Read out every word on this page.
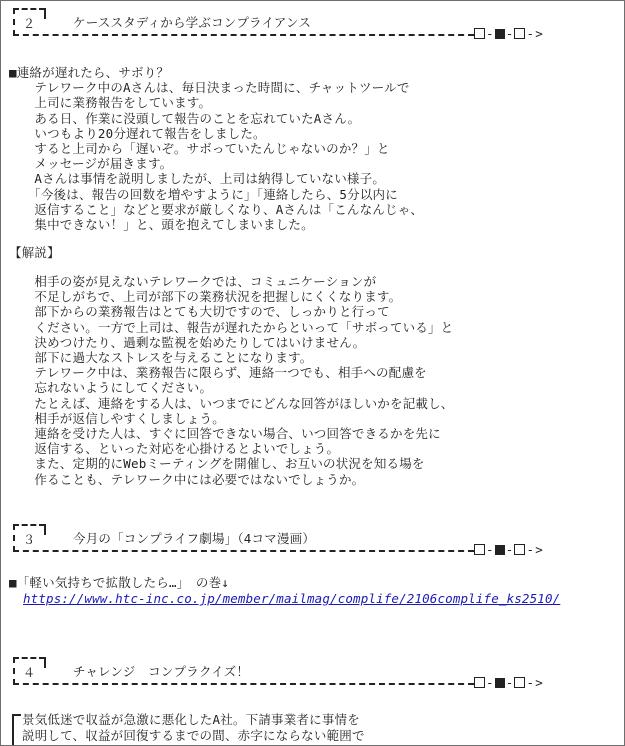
２	ケーススタディから学ぶコンプライアンス
- - ->
■連絡が遅れたら、サボり？
　　テレワーク中のAさんは、毎日決まった時間に、チャットツールで
　　上司に業務報告をしています。
　　ある日、作業に没頭して報告のことを忘れていたAさん。
　　いつもより20分遅れて報告をしました。
　　すると上司から「遅いぞ。サボっていたんじゃないのか？」と
　　メッセージが届きます。
　　Aさんは事情を説明しましたが、上司は納得していない様子。
　　「今後は、報告の回数を増やすように」「連絡したら、5分以内に
　　返信すること」などと要求が厳しくなり、Aさんは「こんなんじゃ、
　　集中できない！」と、頭を抱えてしまいました。
【解説】
　　相手の姿が見えないテレワークでは、コミュニケーションが
　　不足しがちで、上司が部下の業務状況を把握しにくくなります。
　　部下からの業務報告はとても大切ですので、しっかりと行って
　　ください。一方で上司は、報告が遅れたからといって「サボっている」と
　　決めつけたり、過剰な監視を始めたりしてはいけません。
　　部下に過大なストレスを与えることになります。
　　テレワーク中は、業務報告に限らず、連絡一つでも、相手への配慮を
　　忘れないようにしてください。
　　たとえば、連絡をする人は、いつまでにどんな回答がほしいかを記載し、
　　相手が返信しやすくしましょう。
　　連絡を受けた人は、すぐに回答できない場合、いつ回答できるかを先に
　　返信する、といった対応を心掛けるとよいでしょう。
　　また、定期的にWebミーティングを開催し、お互いの状況を知る場を
　　作ることも、テレワーク中には必要ではないでしょうか。
３	今月の「コンプライフ劇場」（4コマ漫画）
- - ->
■「軽い気持ちで拡散したら…」　の巻↓
https://www.htc-inc.co.jp/member/mailmag/complife/2106complife_ks2510/
４	チャレンジ　コンプラクイズ！
- - ->
景気低迷で収益が急激に悪化したA社。下請事業者に事情を
説明して、収益が回復するまでの間、赤字にならない範囲で
